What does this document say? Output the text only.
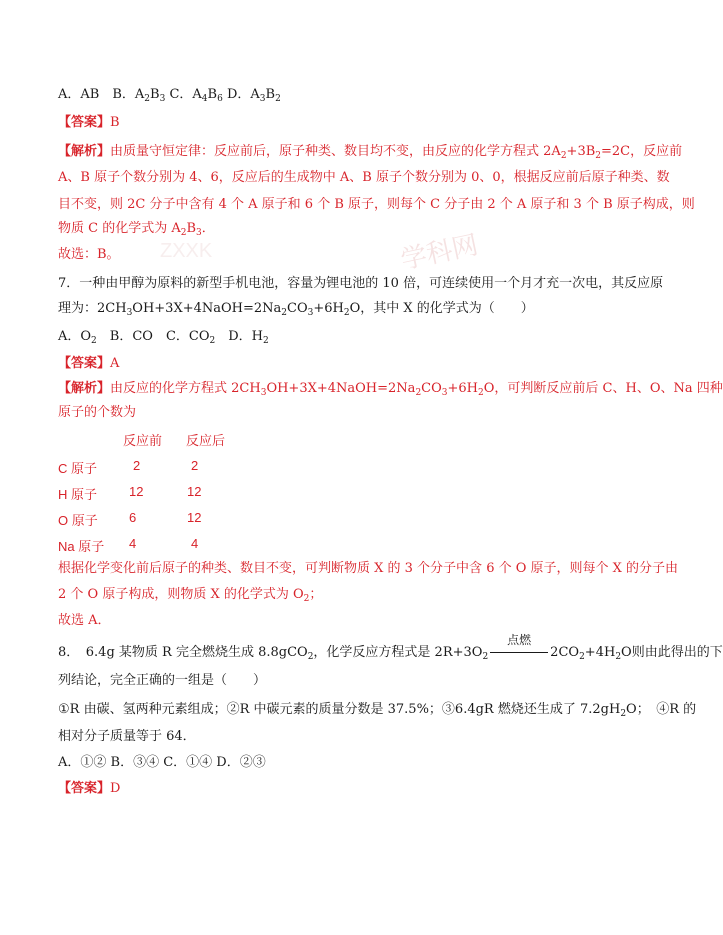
A．AB　B．$A_2B_3$ C．$A_4B_6$ D．$A_3B_2$
【答案】B
学科网
ZXXK
【解析】由质量守恒定律：反应前后，原子种类、数目均不变，由反应的化学方程式 $2A_2+3B_2=2C$，反应前
A、B 原子个数分别为 4、6，反应后的生成物中 A、B 原子个数分别为 0、0，根据反应前后原子种类、数
目不变，则 2C 分子中含有 4 个 A 原子和 6 个 B 原子，则每个 C 分子由 2 个 A 原子和 3 个 B 原子构成，则
物质 C 的化学式为 $A_2B_3$．
故选：B。
7．一种由甲醇为原料的新型手机电池，容量为锂电池的 10 倍，可连续使用一个月才充一次电，其反应原
理为：$2CH_3OH+3X+4NaOH=2Na_2CO_3+6H_2O$，其中 X 的化学式为（　　）
A．$O_2$　B．CO　C．$CO_2$　D．$H_2$
【答案】A
【解析】由反应的化学方程式 $2CH_3OH+3X+4NaOH=2Na_2CO_3+6H_2O$，可判断反应前后 C、H、O、Na 四种
原子的个数为
反应前 反应后
C 原子	2	2
H 原子 12	12
O 原子 6	12
Na 原子 4	4
根据化学变化前后原子的种类、数目不变，可判断物质 X 的 3 个分子中含 6 个 O 原子，则每个 X 的分子由
2 个 O 原子构成，则物质 X 的化学式为 $O_2$；
故选 A．
8．　6.4g 某物质 R 完全燃烧生成 8.8gCO$_2$，化学反应方程式是 $2R+3O_2$
点燃
$2CO_2+4H_2O$则由此得出的下
列结论，完全正确的一组是（　　）
①R 由碳、氢两种元素组成；②R 中碳元素的质量分数是 37.5%；③6.4gR 燃烧还生成了 $7.2gH_2O$；　④R 的
相对分子质量等于 64．
A．①② B．③④ C．①④ D．②③
【答案】D
